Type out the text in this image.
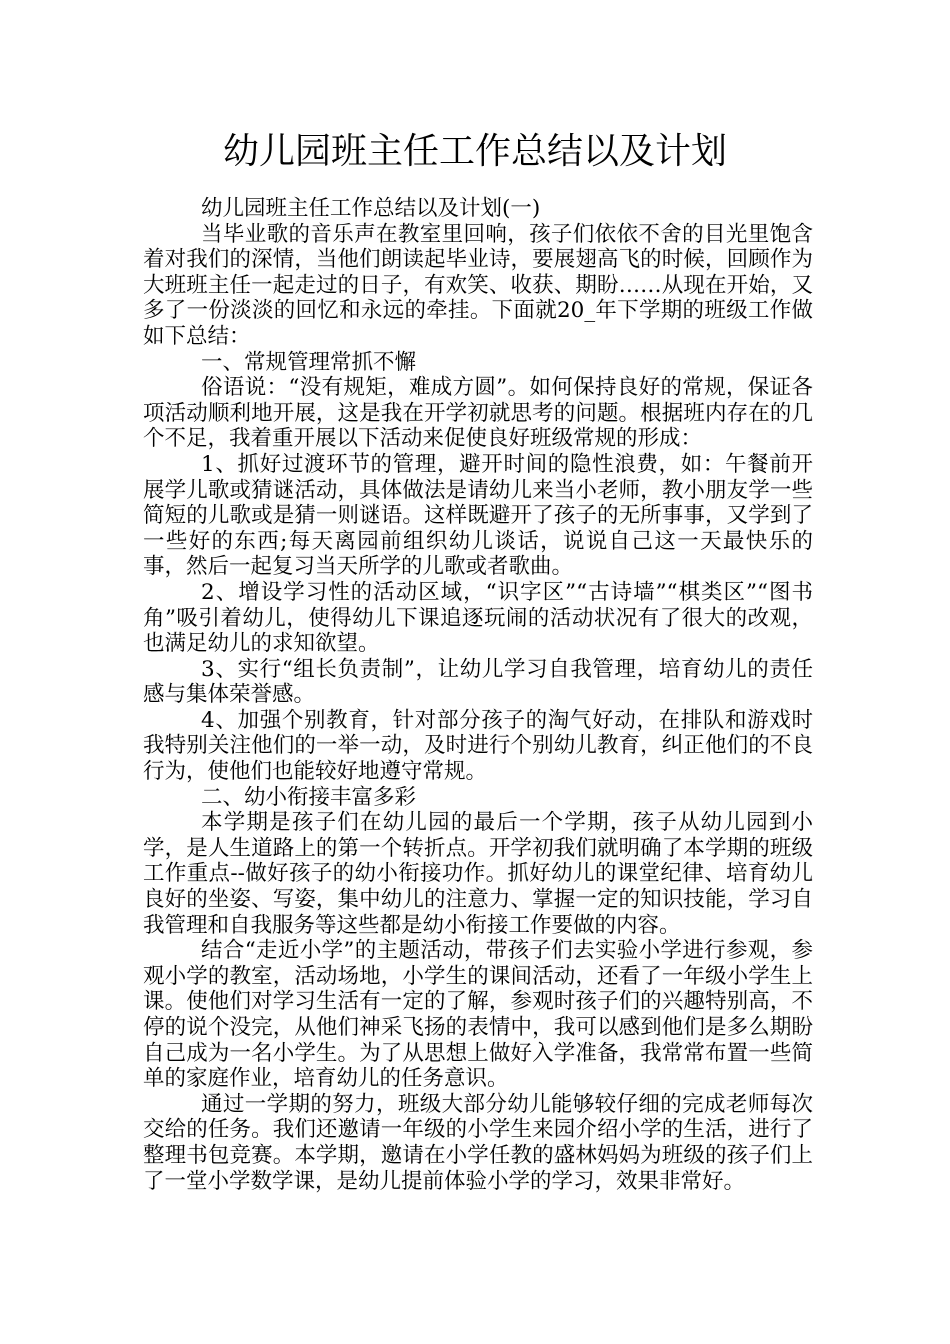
幼儿园班主任工作总结以及计划

幼儿园班主任工作总结以及计划(一)

当毕业歌的音乐声在教室里回响，孩子们依依不舍的目光里饱含着对我们的深情，当他们朗读起毕业诗，要展翅高飞的时候，回顾作为大班班主任一起走过的日子，有欢笑、收获、期盼……从现在开始，又多了一份淡淡的回忆和永远的牵挂。下面就20_年下学期的班级工作做如下总结：

一、常规管理常抓不懈

俗语说：“没有规矩，难成方圆”。如何保持良好的常规，保证各项活动顺利地开展，这是我在开学初就思考的问题。根据班内存在的几个不足，我着重开展以下活动来促使良好班级常规的形成：

1、抓好过渡环节的管理，避开时间的隐性浪费，如：午餐前开展学儿歌或猜谜活动，具体做法是请幼儿来当小老师，教小朋友学一些简短的儿歌或是猜一则谜语。这样既避开了孩子的无所事事，又学到了一些好的东西;每天离园前组织幼儿谈话，说说自己这一天最快乐的事，然后一起复习当天所学的儿歌或者歌曲。

2、增设学习性的活动区域，“识字区”“古诗墙”“棋类区”“图书角”吸引着幼儿，使得幼儿下课追逐玩闹的活动状况有了很大的改观，也满足幼儿的求知欲望。

3、实行“组长负责制”，让幼儿学习自我管理，培育幼儿的责任感与集体荣誉感。

4、加强个别教育，针对部分孩子的淘气好动，在排队和游戏时我特别关注他们的一举一动，及时进行个别幼儿教育，纠正他们的不良行为，使他们也能较好地遵守常规。

二、幼小衔接丰富多彩

本学期是孩子们在幼儿园的最后一个学期，孩子从幼儿园到小学，是人生道路上的第一个转折点。开学初我们就明确了本学期的班级工作重点--做好孩子的幼小衔接功作。抓好幼儿的课堂纪律、培育幼儿良好的坐姿、写姿，集中幼儿的注意力、掌握一定的知识技能，学习自我管理和自我服务等这些都是幼小衔接工作要做的内容。

结合“走近小学”的主题活动，带孩子们去实验小学进行参观，参观小学的教室，活动场地，小学生的课间活动，还看了一年级小学生上课。使他们对学习生活有一定的了解，参观时孩子们的兴趣特别高，不停的说个没完，从他们神采飞扬的表情中，我可以感到他们是多么期盼自己成为一名小学生。为了从思想上做好入学准备，我常常布置一些简单的家庭作业，培育幼儿的任务意识。

通过一学期的努力，班级大部分幼儿能够较仔细的完成老师每次交给的任务。我们还邀请一年级的小学生来园介绍小学的生活，进行了整理书包竞赛。本学期，邀请在小学任教的盛林妈妈为班级的孩子们上了一堂小学数学课，是幼儿提前体验小学的学习，效果非常好。
